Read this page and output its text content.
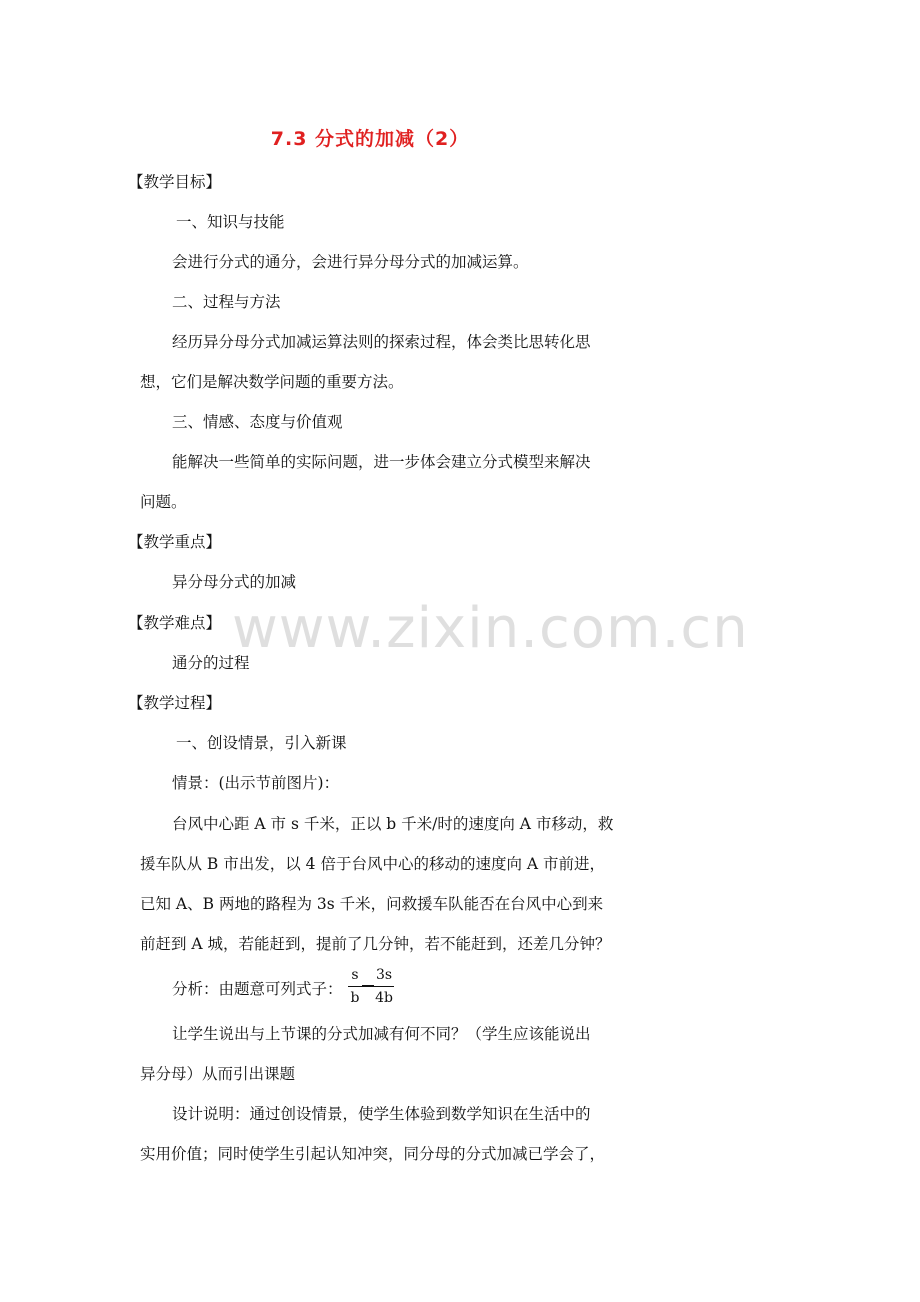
www.zixin.com.cn
7.3 分式的加减（2）
【教学目标】
一、知识与技能
会进行分式的通分，会进行异分母分式的加减运算。
二、过程与方法
经历异分母分式加减运算法则的探索过程，体会类比思转化思
想，它们是解决数学问题的重要方法。
三、情感、态度与价值观
能解决一些简单的实际问题，进一步体会建立分式模型来解决
问题。
【教学重点】
异分母分式的加减
【教学难点】
通分的过程
【教学过程】
一、创设情景，引入新课
情景：(出示节前图片)：
台风中心距 A 市 s 千米，正以 b 千米/时的速度向 A 市移动，救
援车队从 B 市出发，以 4 倍于台风中心的移动的速度向 A 市前进，
已知 A、B 两地的路程为 3s 千米，问救援车队能否在台风中心到来
前赶到 A 城，若能赶到，提前了几分钟，若不能赶到，还差几分钟？
分析：由题意可列式子：
s
b
3s
4b
让学生说出与上节课的分式加减有何不同？（学生应该能说出
异分母）从而引出课题
设计说明：通过创设情景，使学生体验到数学知识在生活中的
实用价值；同时使学生引起认知冲突，同分母的分式加减已学会了，
